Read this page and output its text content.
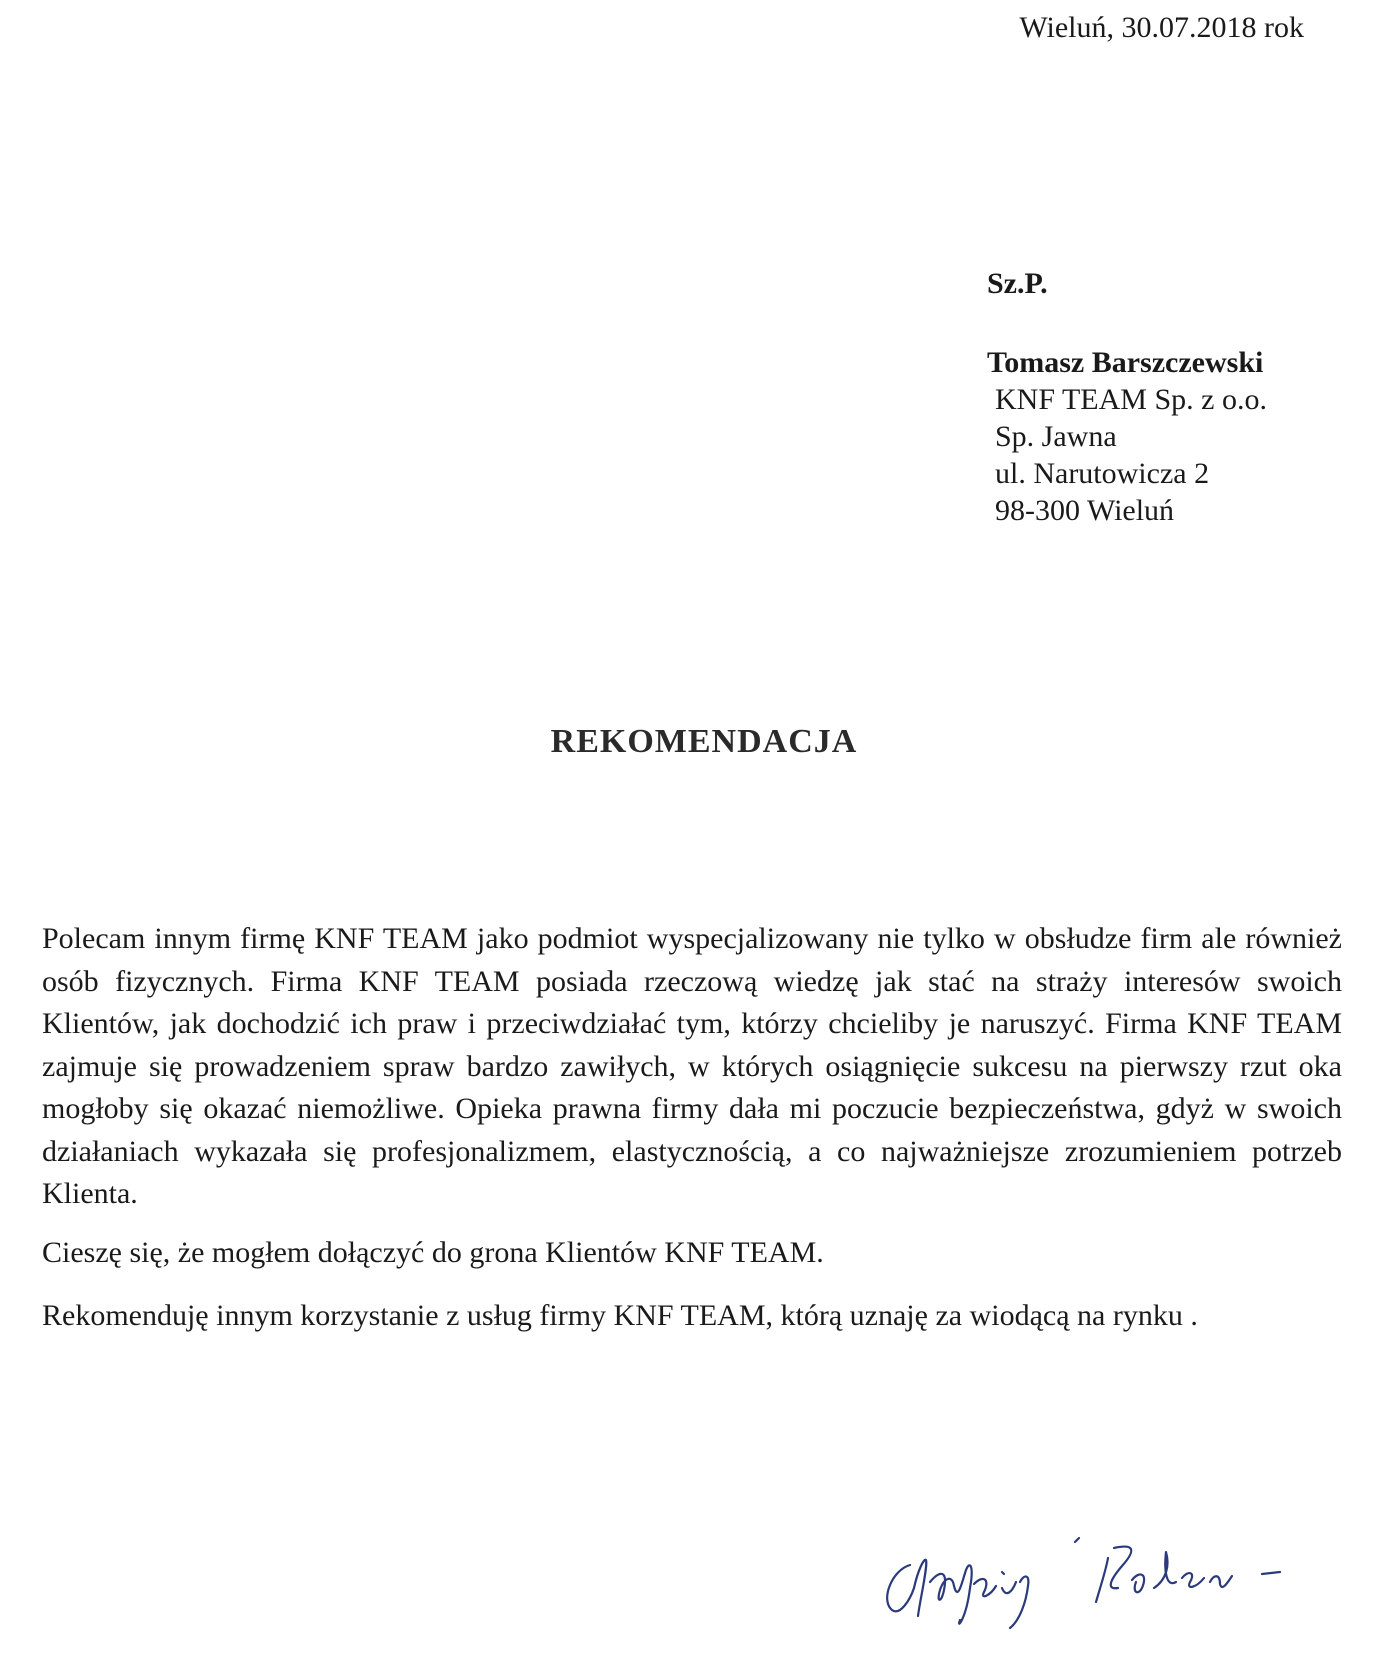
Wieluń, 30.07.2018 rok
Sz.P.
Tomasz Barszczewski
KNF TEAM Sp. z o.o.
Sp. Jawna
ul. Narutowicza 2
98-300 Wieluń
REKOMENDACJA

Polecam innym firmę KNF TEAM jako podmiot wyspecjalizowany nie tylko w obsłudze firm ale również osób fizycznych. Firma KNF TEAM posiada rzeczową wiedzę jak stać na straży interesów swoich Klientów, jak dochodzić ich praw i przeciwdziałać tym, którzy chcieliby je naruszyć. Firma KNF TEAM zajmuje się prowadzeniem spraw bardzo zawiłych, w których osiągnięcie sukcesu na pierwszy rzut oka mogłoby się okazać niemożliwe. Opieka prawna firmy dała mi poczucie bezpieczeństwa, gdyż w swoich działaniach wykazała się profesjonalizmem, elastycznością, a co najważniejsze zrozumieniem potrzeb Klienta.

Cieszę się, że mogłem dołączyć do grona Klientów KNF TEAM.

Rekomenduję innym korzystanie z usług firmy KNF TEAM, którą uznaję za wiodącą na rynku .
